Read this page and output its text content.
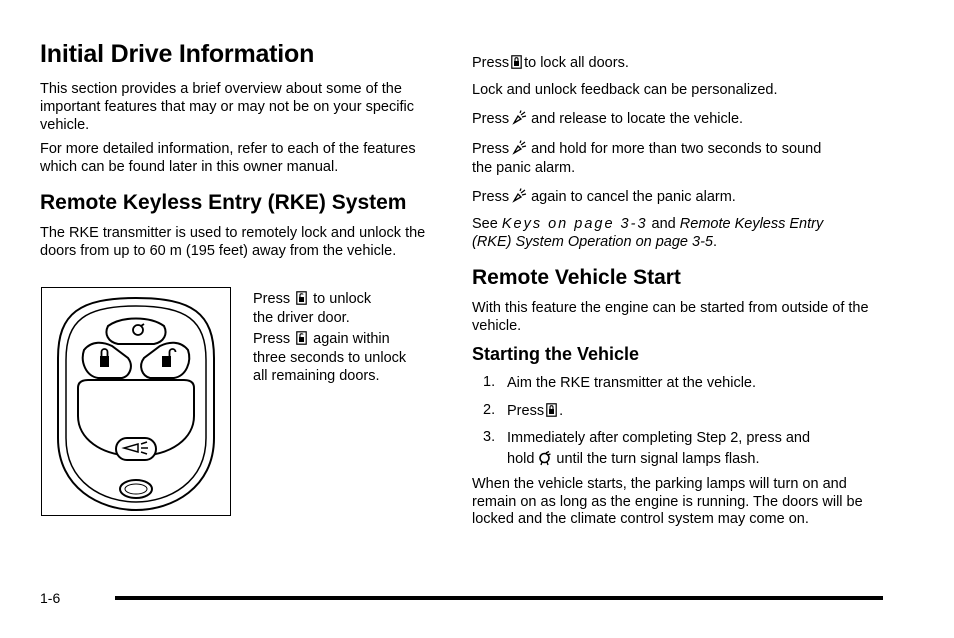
Initial Drive Information

This section provides a brief overview about some of the important features that may or may not be on your specific vehicle.

For more detailed information, refer to each of the features which can be found later in this owner manual.

Remote Keyless Entry (RKE) System

The RKE transmitter is used to remotely lock and unlock the doors from up to 60 m (195 feet) away from the vehicle.

Press to unlock

the driver door.

Press again within

three seconds to unlock

all remaining doors.

Press to lock all doors.

Lock and unlock feedback can be personalized.

Press and release to locate the vehicle.

Press and hold for more than two seconds to sound

the panic alarm.

Press again to cancel the panic alarm.

See Keys on page 3-3 and Remote Keyless Entry

(RKE) System Operation on page 3-5.

Remote Vehicle Start

With this feature the engine can be started from outside of the vehicle.

Starting the Vehicle
1. Aim the RKE transmitter at the vehicle.

2. Press .

3. Immediately after completing Step 2, press and

hold until the turn signal lamps flash.

When the vehicle starts, the parking lamps will turn on and remain on as long as the engine is running. The doors will be locked and the climate control system may come on.

1-6
